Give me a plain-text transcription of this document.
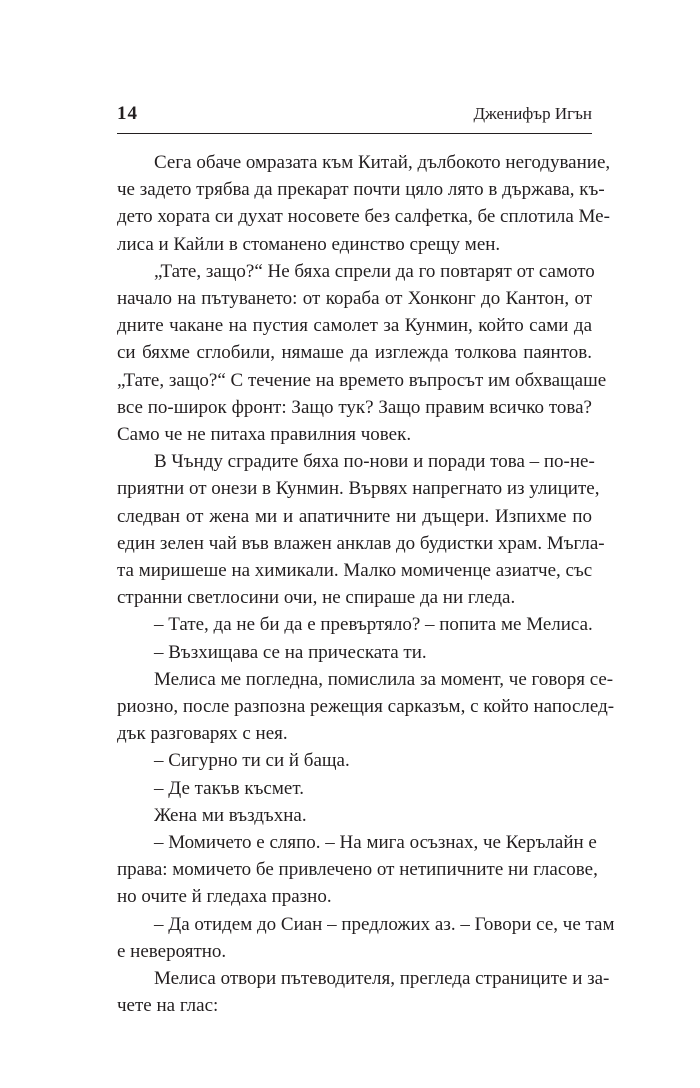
14	Дженифър Игън
Сега обаче омразата към Китай, дълбокото негодувание,
че задето трябва да прекарат почти цяло лято в държава, къ-
дето хората си духат носовете без салфетка, бе сплотила Ме-
лиса и Кайли в стоманено единство срещу мен.
„Тате, защо?“ Не бяха спрели да го повтарят от самото
начало на пътуването: от кораба от Хонконг до Кантон, от
дните чакане на пустия самолет за Кунмин, който сами да
си бяхме сглобили, нямаше да изглежда толкова паянтов.
„Тате, защо?“ С течение на времето въпросът им обхващаше
все по-широк фронт: Защо тук? Защо правим всичко това?
Само че не питаха правилния човек.
В Чънду сградите бяха по-нови и поради това – по-не-
приятни от онези в Кунмин. Вървях напрегнато из улиците,
следван от жена ми и апатичните ни дъщери. Изпихме по
един зелен чай във влажен анклав до будистки храм. Мъгла-
та миришеше на химикали. Малко момиченце азиатче, със
странни светлосини очи, не спираше да ни гледа.
– Тате, да не би да е превъртяло? – попита ме Мелиса.
– Възхищава се на прическата ти.
Мелиса ме погледна, помислила за момент, че говоря се-
риозно, после разпозна режещия сарказъм, с който напослед-
дък разговарях с нея.
– Сигурно ти си й баща.
– Де такъв късмет.
Жена ми въздъхна.
– Момичето е сляпо. – На мига осъзнах, че Керълайн е
права: момичето бе привлечено от нетипичните ни гласове,
но очите й гледаха празно.
– Да отидем до Сиан – предложих аз. – Говори се, че там
е невероятно.
Мелиса отвори пътеводителя, прегледа страниците и за-
чете на глас:
